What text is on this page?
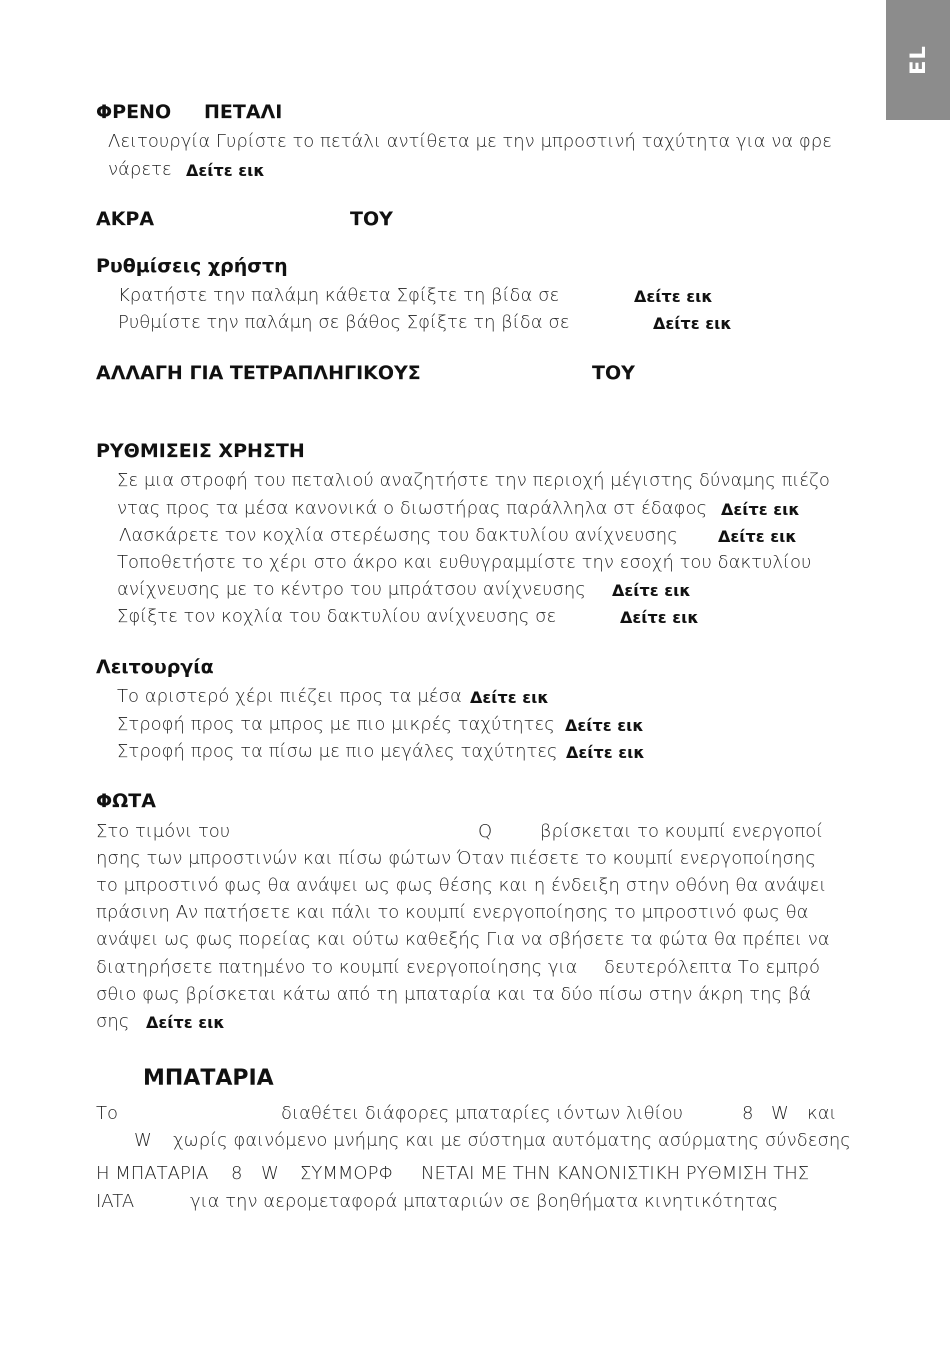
EL
ΦΡΕΝΟ ΠΕΤΑΛΙ
Λειτουργία Γυρίστε το πετάλι αντίθετα με την μπροστινή ταχύτητα για να φρε
νάρετε Δείτε εικ
ΑΚΡΑ	ΤΟΥ
Ρυθμίσεις χρήστη
Κρατήστε την παλάμη κάθετα Σφίξτε τη βίδα σε	Δείτε εικ
Ρυθμίστε την παλάμη σε βάθος Σφίξτε τη βίδα σε	Δείτε εικ
ΑΛΛΑΓΗ ΓΙΑ ΤΕΤΡΑΠΛΗΓΙΚΟΥΣ	ΤΟΥ
ΡΥΘΜΙΣΕΙΣ ΧΡΗΣΤΗ
Σε μια στροφή του πεταλιού αναζητήστε την περιοχή μέγιστης δύναμης πιέζο
ντας προς τα μέσα κανονικά ο διωστήρας παράλληλα στ έδαφος Δείτε εικ
Λασκάρετε τον κοχλία στερέωσης του δακτυλίου ανίχνευσης	Δείτε εικ
Τοποθετήστε το χέρι στο άκρο και ευθυγραμμίστε την εσοχή του δακτυλίου
ανίχνευσης με το κέντρο του μπράτσου ανίχνευσης Δείτε εικ
Σφίξτε τον κοχλία του δακτυλίου ανίχνευσης σε	Δείτε εικ
Λειτουργία
Το αριστερό χέρι πιέζει προς τα μέσα Δείτε εικ
Στροφή προς τα μπρος με πιο μικρές ταχύτητες Δείτε εικ
Στροφή προς τα πίσω με πιο μεγάλες ταχύτητες Δείτε εικ
ΦΩΤΑ
Στο τιμόνι του	Q	βρίσκεται το κουμπί ενεργοποί
ησης των μπροστινών και πίσω φώτων Όταν πιέσετε το κουμπί ενεργοποίησης
το μπροστινό φως θα ανάψει ως φως θέσης και η ένδειξη στην οθόνη θα ανάψει
πράσινη Αν πατήσετε και πάλι το κουμπί ενεργοποίησης το μπροστινό φως θα
ανάψει ως φως πορείας και ούτω καθεξής Για να σβήσετε τα φώτα θα πρέπει να
διατηρήσετε πατημένο το κουμπί ενεργοποίησης για δευτερόλεπτα Το εμπρό
σθιο φως βρίσκεται κάτω από τη μπαταρία και τα δύο πίσω στην άκρη της βά
σης Δείτε εικ
ΜΠΑΤΑΡΙΑ
Το	διαθέτει διάφορες μπαταρίες ιόντων λιθίου	8 W και
W χωρίς φαινόμενο μνήμης και με σύστημα αυτόματης ασύρματης σύνδεσης
Η ΜΠΑΤΑΡΙΑ 8 W ΣΥΜΜΟΡΦ ΝΕΤΑΙ ΜΕ ΤΗΝ ΚΑΝΟΝΙΣΤΙΚΗ ΡΥΘΜΙΣΗ ΤΗΣ
IATA	για την αερομεταφορά μπαταριών σε βοηθήματα κινητικότητας
